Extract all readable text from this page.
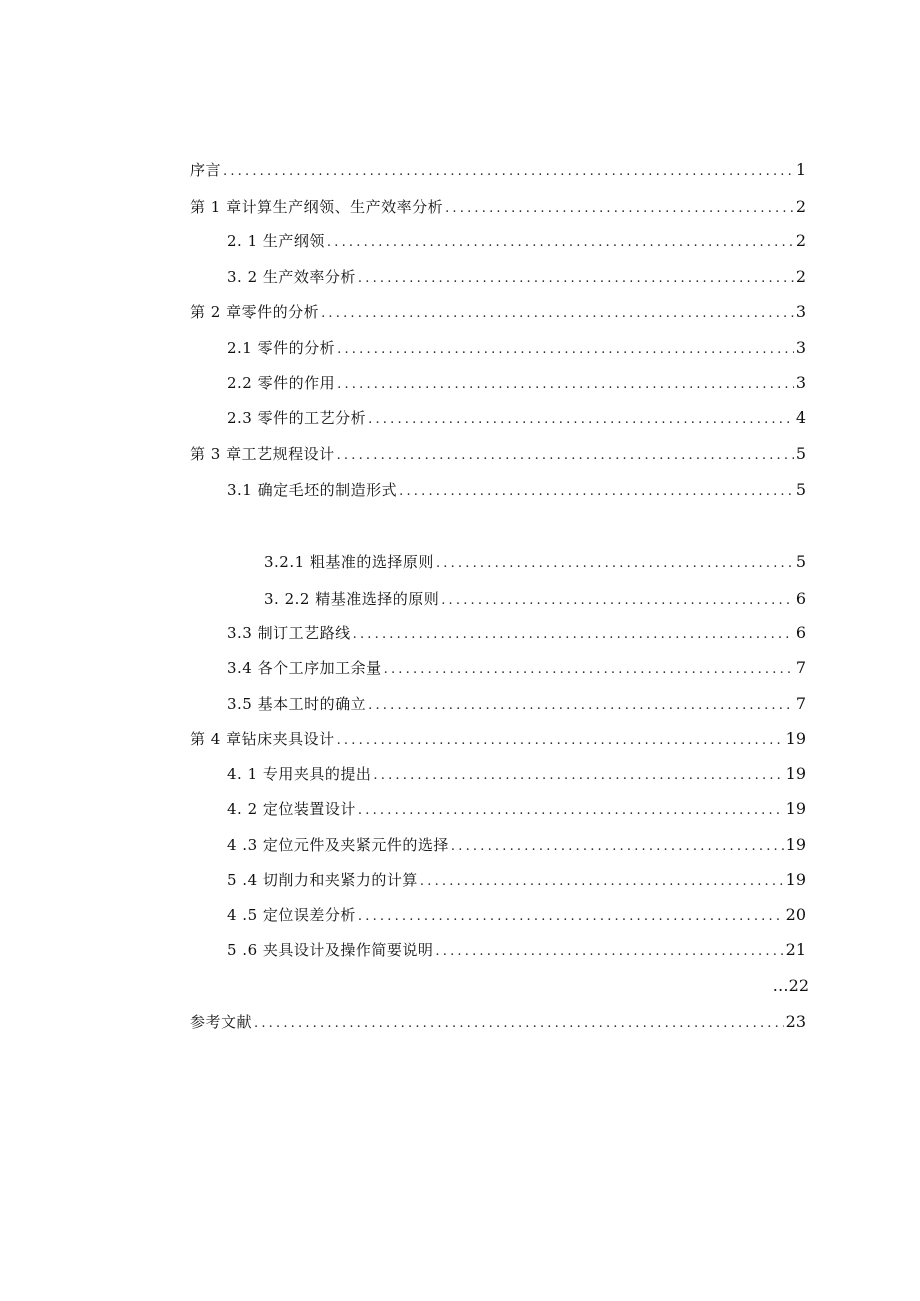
序言 .....	1
第 1 章计算生产纲领、生产效率分析 .....	2
2. 1 生产纲领 .....	2
3. 2 生产效率分析 .....	2
第 2 章零件的分析 .....	3
2.1 零件的分析 .....	3
2.2 零件的作用 .....	3
2.3 零件的工艺分析 .....	4
第 3 章工艺规程设计 .....	5
3.1 确定毛坯的制造形式 .....	5
3.2.1 粗基准的选择原则 .....	5
3. 2.2 精基准选择的原则 .....	6
3.3 制订工艺路线 .....	6
3.4 各个工序加工余量 .....	7
3.5 基本工时的确立 .....	7
第 4 章钻床夹具设计 .....	19
4. 1 专用夹具的提出 .....	19
4. 2 定位装置设计 .....	19
4 .3 定位元件及夹紧元件的选择 .....	19
5 .4 切削力和夹紧力的计算 .....	19
4 .5 定位误差分析 .....	20
5 .6 夹具设计及操作简要说明 .....	21
…22
参考文献 .....	23
